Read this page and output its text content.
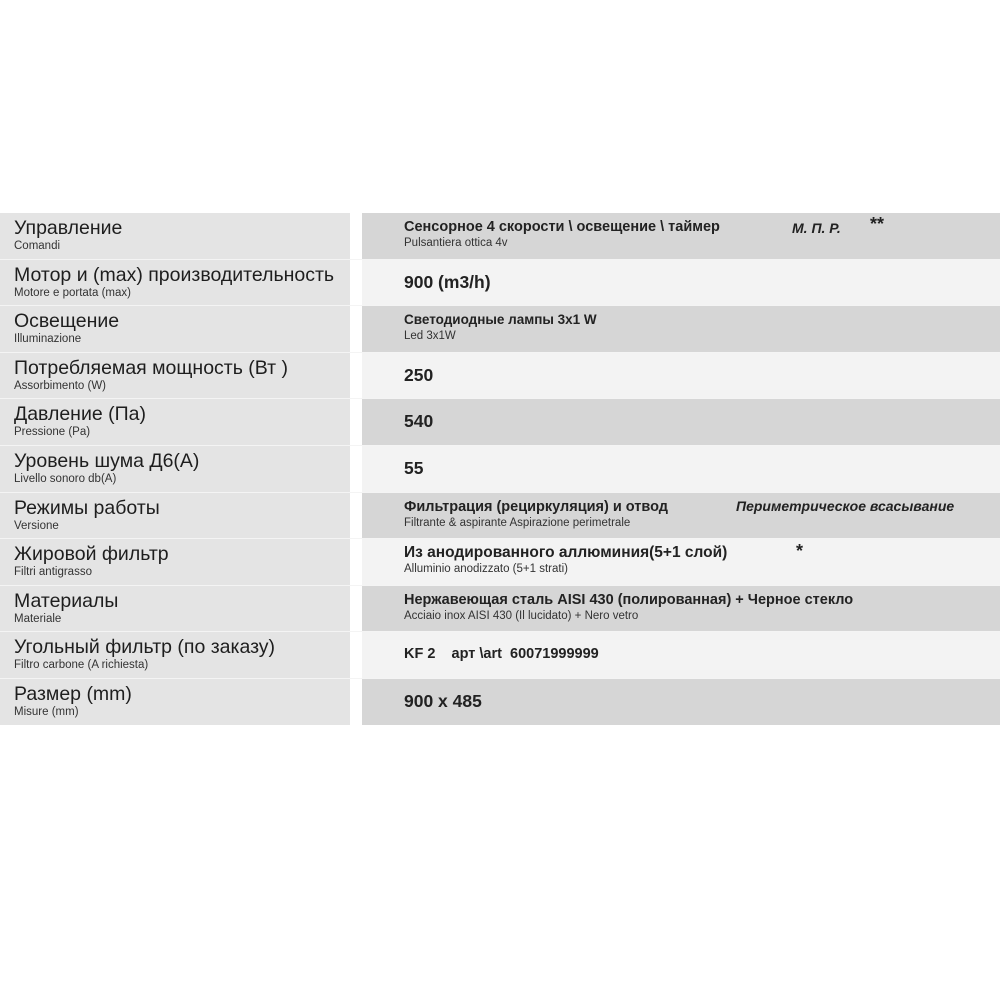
Управление
Comandi
Сенсорное 4 скорости \ освещение \ таймер
Pulsantiera ottica 4v
М. П. Р. **
Мотор и (max) производительность
Motore e portata (max)
900 (m3/h)
Освещение
Illuminazione
Светодиодные лампы 3x1 W
Led 3x1W
Потребляемая мощность (Вт )
Assorbimento (W)
250
Давление (Па)
Pressione (Pa)
540
Уровень шума Д6(А)
Livello sonoro db(A)
55
Режимы работы
Versione
Фильтрация (рециркуляция) и отвод
Filtrante & aspirante Aspirazione perimetrale
Периметрическое всасывание
Жировой фильтр
Filtri antigrasso
Из анодированного аллюминия(5+1 слой)
Alluminio anodizzato (5+1 strati)
*
Материалы
Materiale
Нержавеющая сталь AISI 430 (полированная) + Черное стекло
Acciaio inox AISI 430 (Il lucidato) + Nero vetro
Угольный фильтр (по заказу)
Filtro carbone (A richiesta)
KF 2    арт \art  60071999999
Размер (mm)
Misure (mm)
900 x 485
